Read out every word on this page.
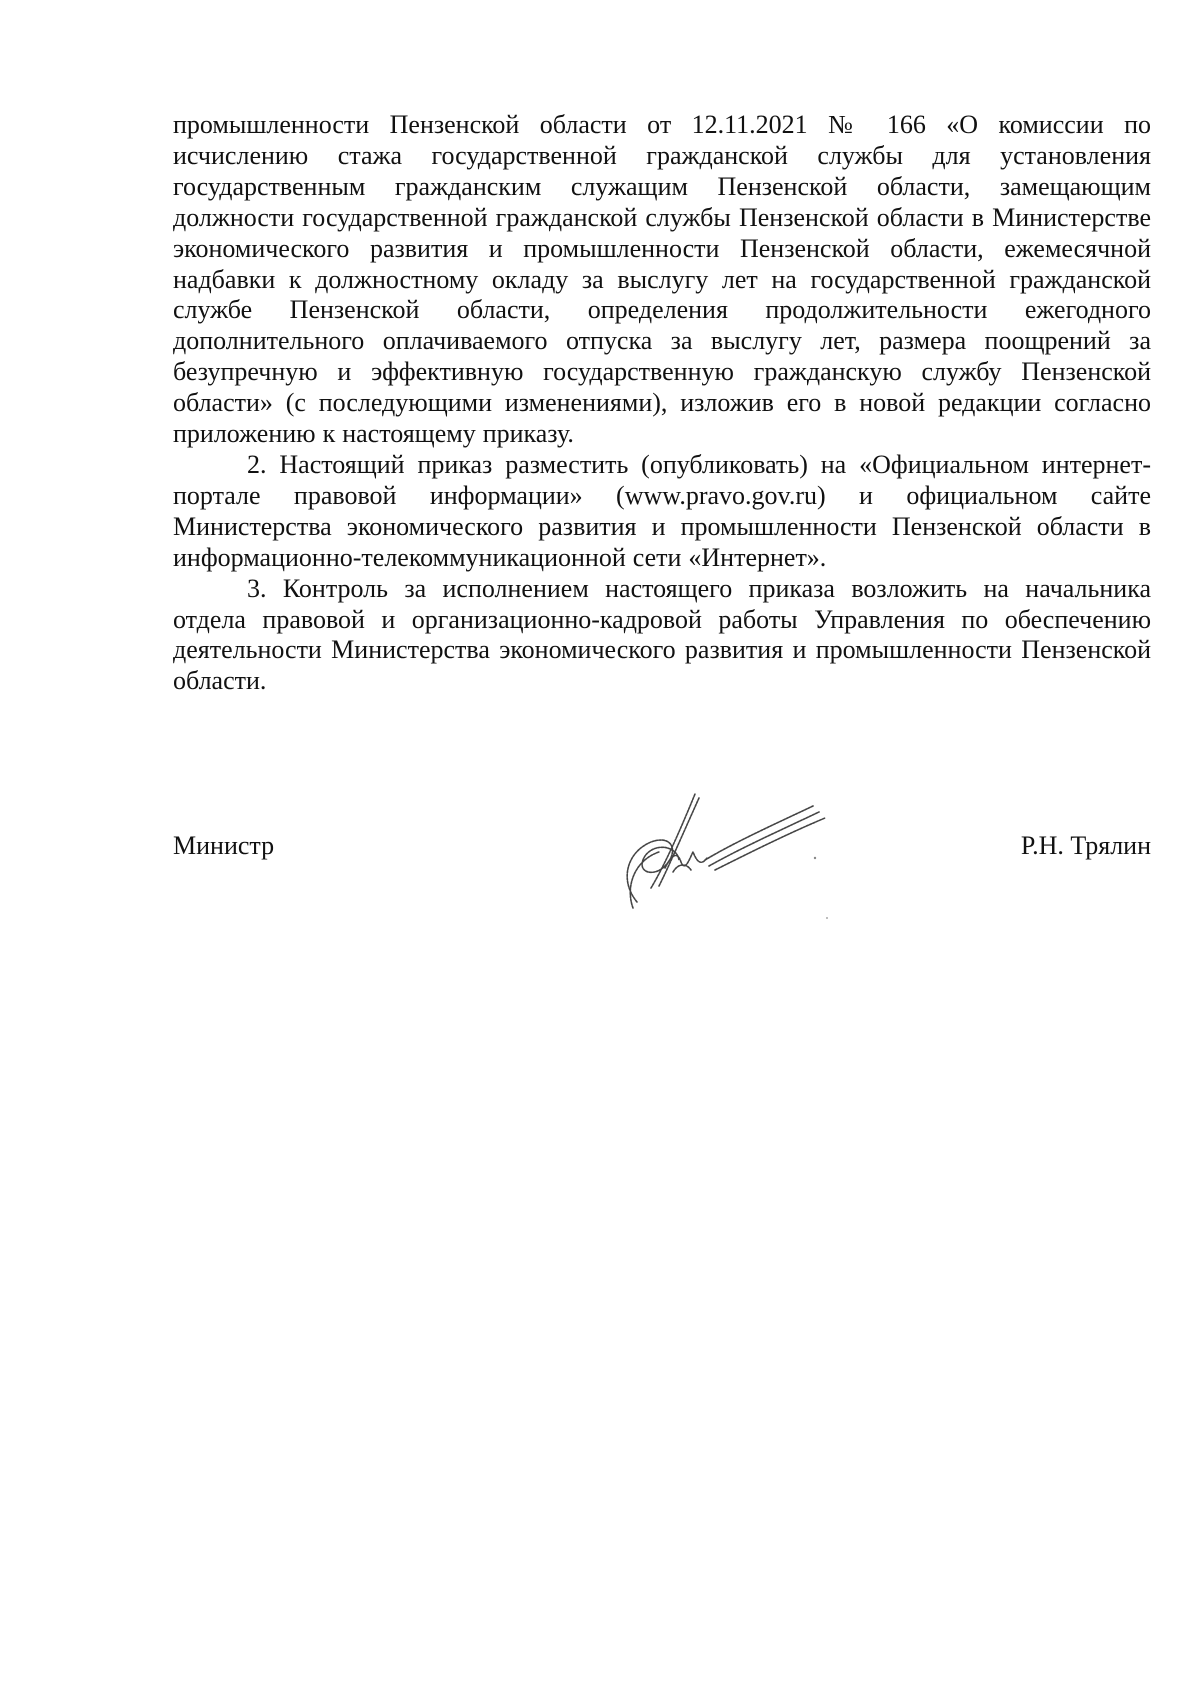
промышленности Пензенской области от 12.11.2021 № 166 «О комиссии по исчислению стажа государственной гражданской службы для установления государственным гражданским служащим Пензенской области, замещающим должности государственной гражданской службы Пензенской области в Министерстве экономического развития и промышленности Пензенской области, ежемесячной надбавки к должностному окладу за выслугу лет на государственной гражданской службе Пензенской области, определения продолжительности ежегодного дополнительного оплачиваемого отпуска за выслугу лет, размера поощрений за безупречную и эффективную государственную гражданскую службу Пензенской области» (с последующими изменениями), изложив его в новой редакции согласно приложению к настоящему приказу.

2. Настоящий приказ разместить (опубликовать) на «Официальном интернет-портале правовой информации» (www.pravo.gov.ru) и официальном сайте Министерства экономического развития и промышленности Пензенской области в информационно-телекоммуникационной сети «Интернет».

3. Контроль за исполнением настоящего приказа возложить на начальника отдела правовой и организационно-кадровой работы Управления по обеспечению деятельности Министерства экономического развития и промышленности Пензенской области.

Министр	Р.Н. Трялин
